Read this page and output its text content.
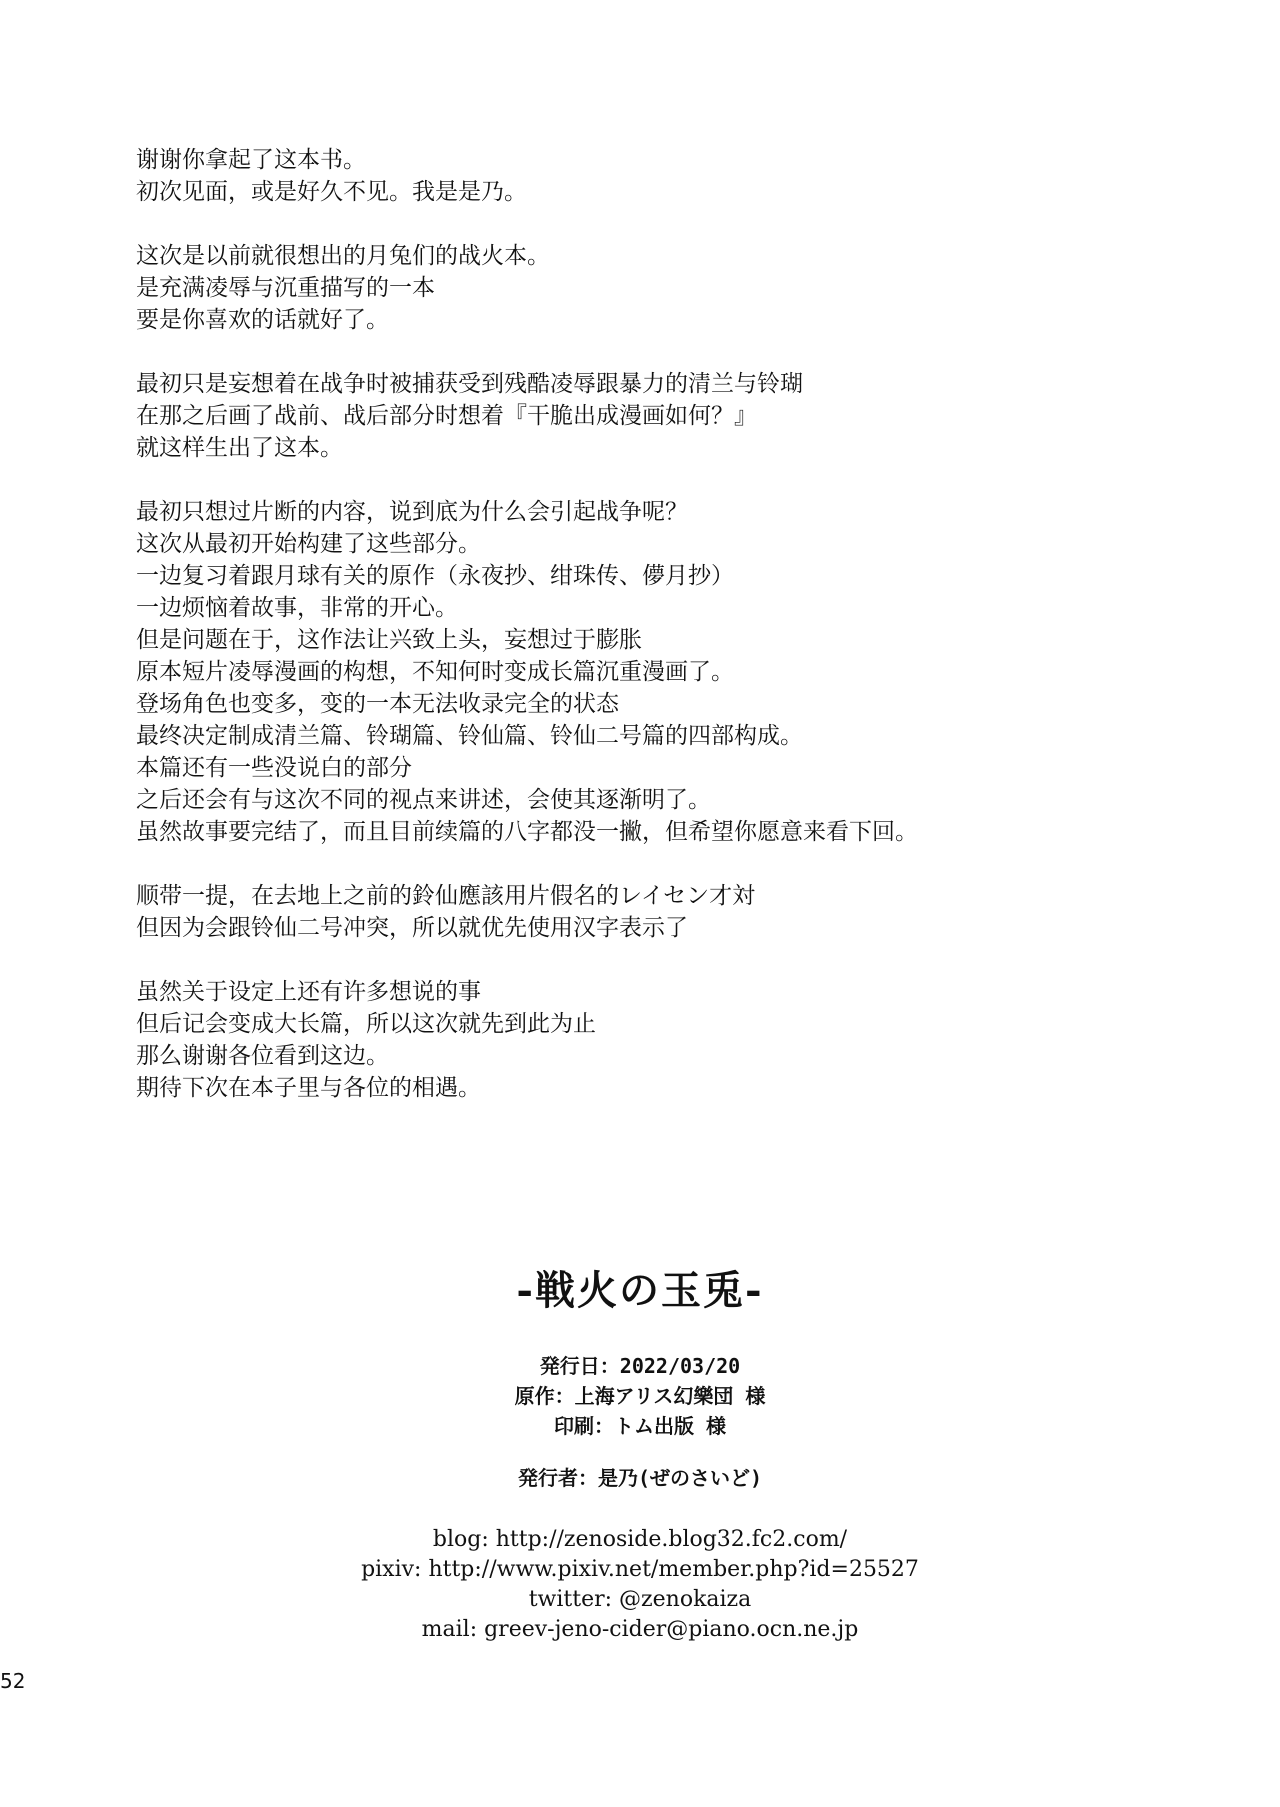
谢谢你拿起了这本书。
初次见面，或是好久不见。我是是乃。
这次是以前就很想出的月兔们的战火本。
是充满凌辱与沉重描写的一本
要是你喜欢的话就好了。
最初只是妄想着在战争时被捕获受到残酷凌辱跟暴力的清兰与铃瑚
在那之后画了战前、战后部分时想着『干脆出成漫画如何？』
就这样生出了这本。
最初只想过片断的内容，说到底为什么会引起战争呢？
这次从最初开始构建了这些部分。
一边复习着跟月球有关的原作（永夜抄、绀珠传、儚月抄）
一边烦恼着故事，非常的开心。
但是问题在于，这作法让兴致上头，妄想过于膨胀
原本短片凌辱漫画的构想，不知何时变成长篇沉重漫画了。
登场角色也变多，变的一本无法收录完全的状态
最终决定制成清兰篇、铃瑚篇、铃仙篇、铃仙二号篇的四部构成。
本篇还有一些没说白的部分
之后还会有与这次不同的视点来讲述，会使其逐渐明了。
虽然故事要完结了，而且目前续篇的八字都没一撇，但希望你愿意来看下回。
顺带一提，在去地上之前的鈴仙應該用片假名的レイセン才対
但因为会跟铃仙二号冲突，所以就优先使用汉字表示了
虽然关于设定上还有许多想说的事
但后记会变成大长篇，所以这次就先到此为止
那么谢谢各位看到这边。
期待下次在本子里与各位的相遇。
-戦火の玉兎-
発行日：2022/03/20
原作：上海アリス幻樂団 様
印刷：トム出版 様
発行者：是乃(ぜのさいど)
blog: http://zenoside.blog32.fc2.com/
pixiv: http://www.pixiv.net/member.php?id=25527
twitter: @zenokaiza
mail: greev-jeno-cider@piano.ocn.ne.jp
52
